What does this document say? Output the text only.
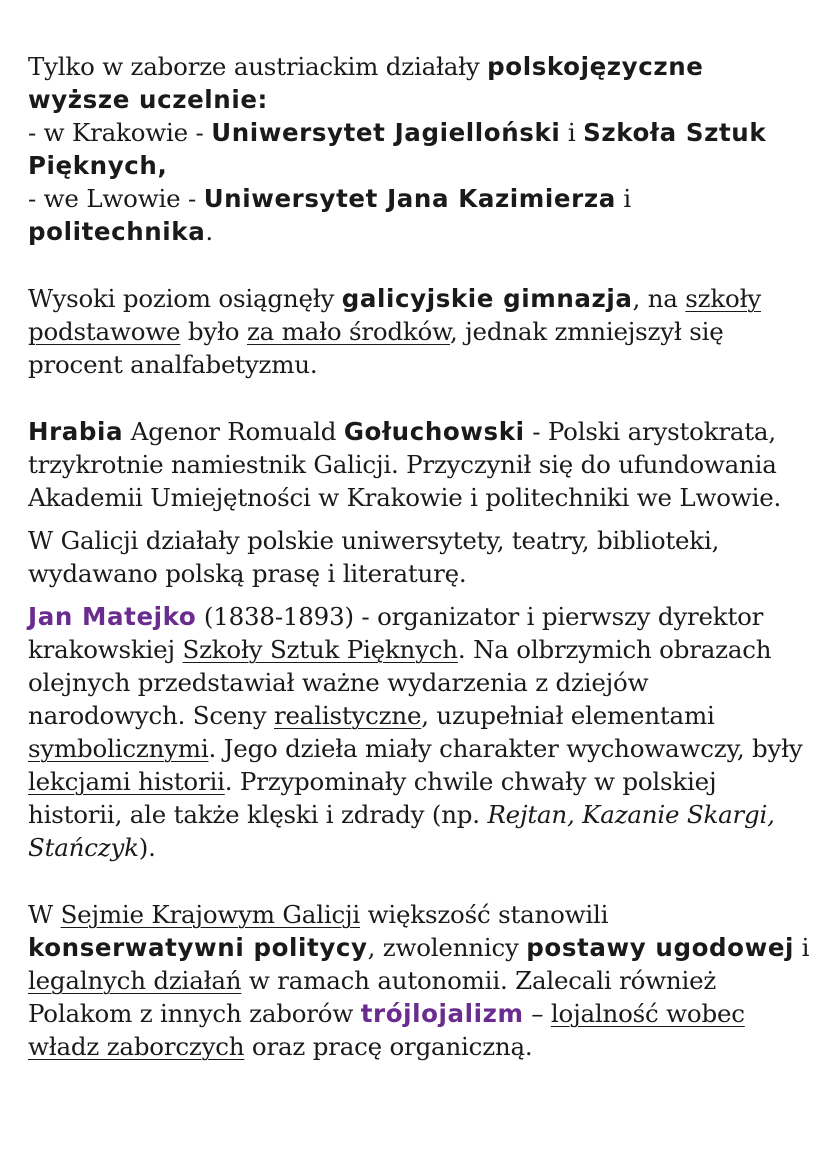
Tylko w zaborze austriackim działały polskojęzyczne wyższe uczelnie:
- w Krakowie - Uniwersytet Jagielloński i Szkoła Sztuk Pięknych,
- we Lwowie - Uniwersytet Jana Kazimierza i politechnika.

Wysoki poziom osiągnęły galicyjskie gimnazja, na szkoły podstawowe było za mało środków, jednak zmniejszył się procent analfabetyzmu.

Hrabia Agenor Romuald Gołuchowski - Polski arystokrata, trzykrotnie namiestnik Galicji. Przyczynił się do ufundowania Akademii Umiejętności w Krakowie i politechniki we Lwowie.

W Galicji działały polskie uniwersytety, teatry, biblioteki, wydawano polską prasę i literaturę.

Jan Matejko (1838-1893) - organizator i pierwszy dyrektor krakowskiej Szkoły Sztuk Pięknych. Na olbrzymich obrazach olejnych przedstawiał ważne wydarzenia z dziejów narodowych. Sceny realistyczne, uzupełniał elementami symbolicznymi. Jego dzieła miały charakter wychowawczy, były lekcjami historii. Przypominały chwile chwały w polskiej historii, ale także klęski i zdrady (np. Rejtan, Kazanie Skargi, Stańczyk).

W Sejmie Krajowym Galicji większość stanowili konserwatywni politycy, zwolennicy postawy ugodowej i legalnych działań w ramach autonomii. Zalecali również Polakom z innych zaborów trójlojalizm – lojalność wobec władz zaborczych oraz pracę organiczną.
